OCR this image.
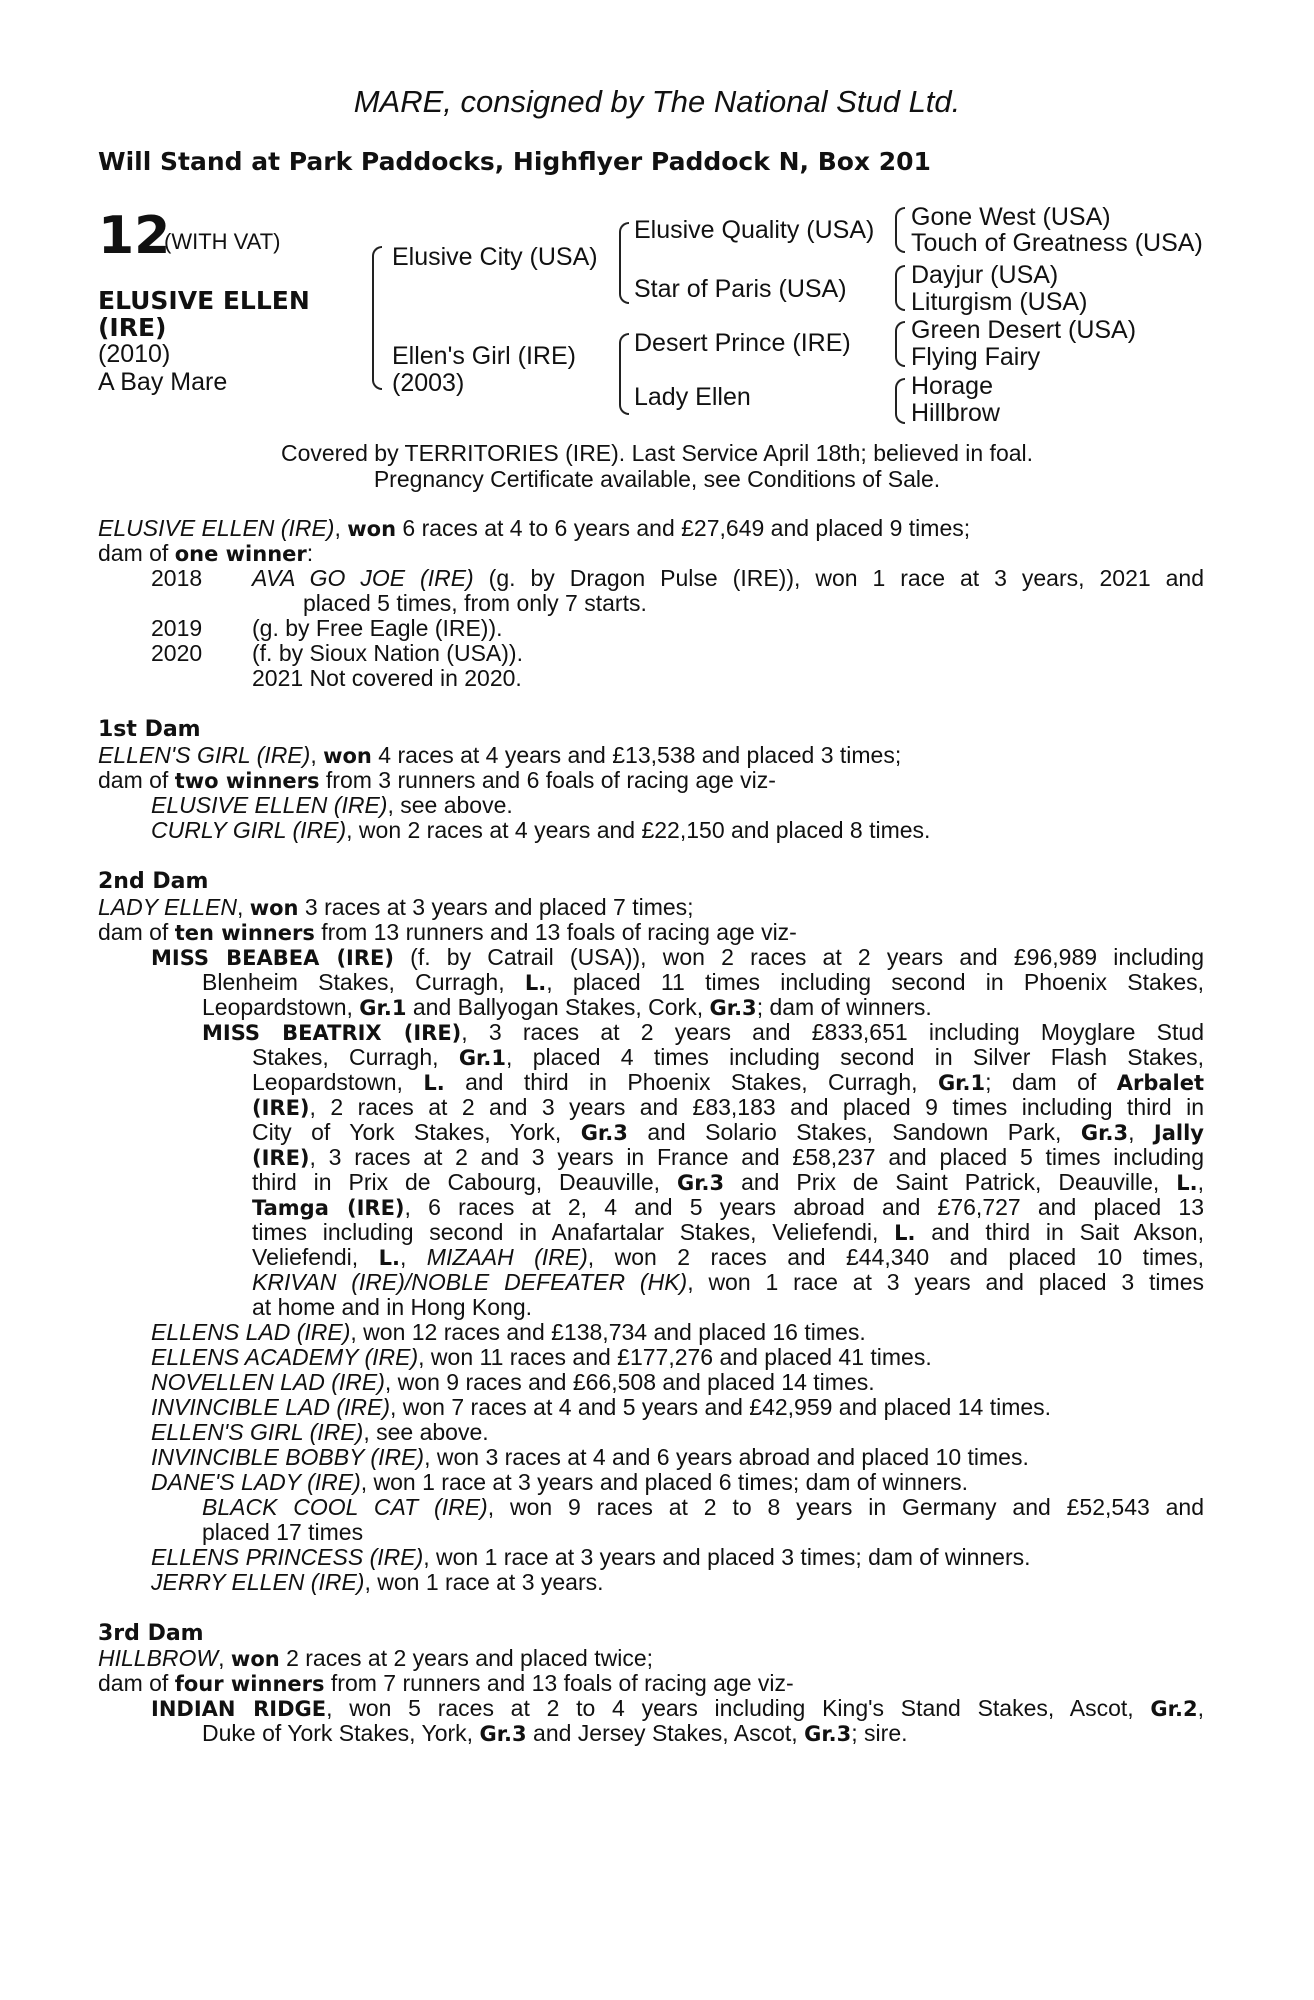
MARE, consigned by The National Stud Ltd.
Will Stand at Park Paddocks, Highflyer Paddock N, Box 201
12
(WITH VAT)
ELUSIVE ELLEN
(IRE)
(2010)
A Bay Mare
Elusive City (USA)
Ellen's Girl (IRE)
(2003)
Elusive Quality (USA)
Star of Paris (USA)
Desert Prince (IRE)
Lady Ellen
Gone West (USA)
Touch of Greatness (USA)
Dayjur (USA)
Liturgism (USA)
Green Desert (USA)
Flying Fairy
Horage
Hillbrow
Covered by TERRITORIES (IRE). Last Service April 18th; believed in foal.
Pregnancy Certificate available, see Conditions of Sale.
ELUSIVE ELLEN (IRE), won 6 races at 4 to 6 years and £27,649 and placed 9 times;
dam of one winner:
2018 AVA GO JOE (IRE) (g. by Dragon Pulse (IRE)), won 1 race at 3 years, 2021 and
placed 5 times, from only 7 starts.
2019 (g. by Free Eagle (IRE)).
2020 (f. by Sioux Nation (USA)).
2021 Not covered in 2020.
1st Dam
ELLEN'S GIRL (IRE), won 4 races at 4 years and £13,538 and placed 3 times;
dam of two winners from 3 runners and 6 foals of racing age viz-
ELUSIVE ELLEN (IRE), see above.
CURLY GIRL (IRE), won 2 races at 4 years and £22,150 and placed 8 times.
2nd Dam
LADY ELLEN, won 3 races at 3 years and placed 7 times;
dam of ten winners from 13 runners and 13 foals of racing age viz-
MISS BEABEA (IRE) (f. by Catrail (USA)), won 2 races at 2 years and £96,989 including
Blenheim Stakes, Curragh, L., placed 11 times including second in Phoenix Stakes,
Leopardstown, Gr.1 and Ballyogan Stakes, Cork, Gr.3; dam of winners.
MISS BEATRIX (IRE), 3 races at 2 years and £833,651 including Moyglare Stud
Stakes, Curragh, Gr.1, placed 4 times including second in Silver Flash Stakes,
Leopardstown, L. and third in Phoenix Stakes, Curragh, Gr.1; dam of Arbalet
(IRE), 2 races at 2 and 3 years and £83,183 and placed 9 times including third in
City of York Stakes, York, Gr.3 and Solario Stakes, Sandown Park, Gr.3, Jally
(IRE), 3 races at 2 and 3 years in France and £58,237 and placed 5 times including
third in Prix de Cabourg, Deauville, Gr.3 and Prix de Saint Patrick, Deauville, L.,
Tamga (IRE), 6 races at 2, 4 and 5 years abroad and £76,727 and placed 13
times including second in Anafartalar Stakes, Veliefendi, L. and third in Sait Akson,
Veliefendi, L., MIZAAH (IRE), won 2 races and £44,340 and placed 10 times,
KRIVAN (IRE)/NOBLE DEFEATER (HK), won 1 race at 3 years and placed 3 times
at home and in Hong Kong.
ELLENS LAD (IRE), won 12 races and £138,734 and placed 16 times.
ELLENS ACADEMY (IRE), won 11 races and £177,276 and placed 41 times.
NOVELLEN LAD (IRE), won 9 races and £66,508 and placed 14 times.
INVINCIBLE LAD (IRE), won 7 races at 4 and 5 years and £42,959 and placed 14 times.
ELLEN'S GIRL (IRE), see above.
INVINCIBLE BOBBY (IRE), won 3 races at 4 and 6 years abroad and placed 10 times.
DANE'S LADY (IRE), won 1 race at 3 years and placed 6 times; dam of winners.
BLACK COOL CAT (IRE), won 9 races at 2 to 8 years in Germany and £52,543 and
placed 17 times
ELLENS PRINCESS (IRE), won 1 race at 3 years and placed 3 times; dam of winners.
JERRY ELLEN (IRE), won 1 race at 3 years.
3rd Dam
HILLBROW, won 2 races at 2 years and placed twice;
dam of four winners from 7 runners and 13 foals of racing age viz-
INDIAN RIDGE, won 5 races at 2 to 4 years including King's Stand Stakes, Ascot, Gr.2,
Duke of York Stakes, York, Gr.3 and Jersey Stakes, Ascot, Gr.3; sire.
